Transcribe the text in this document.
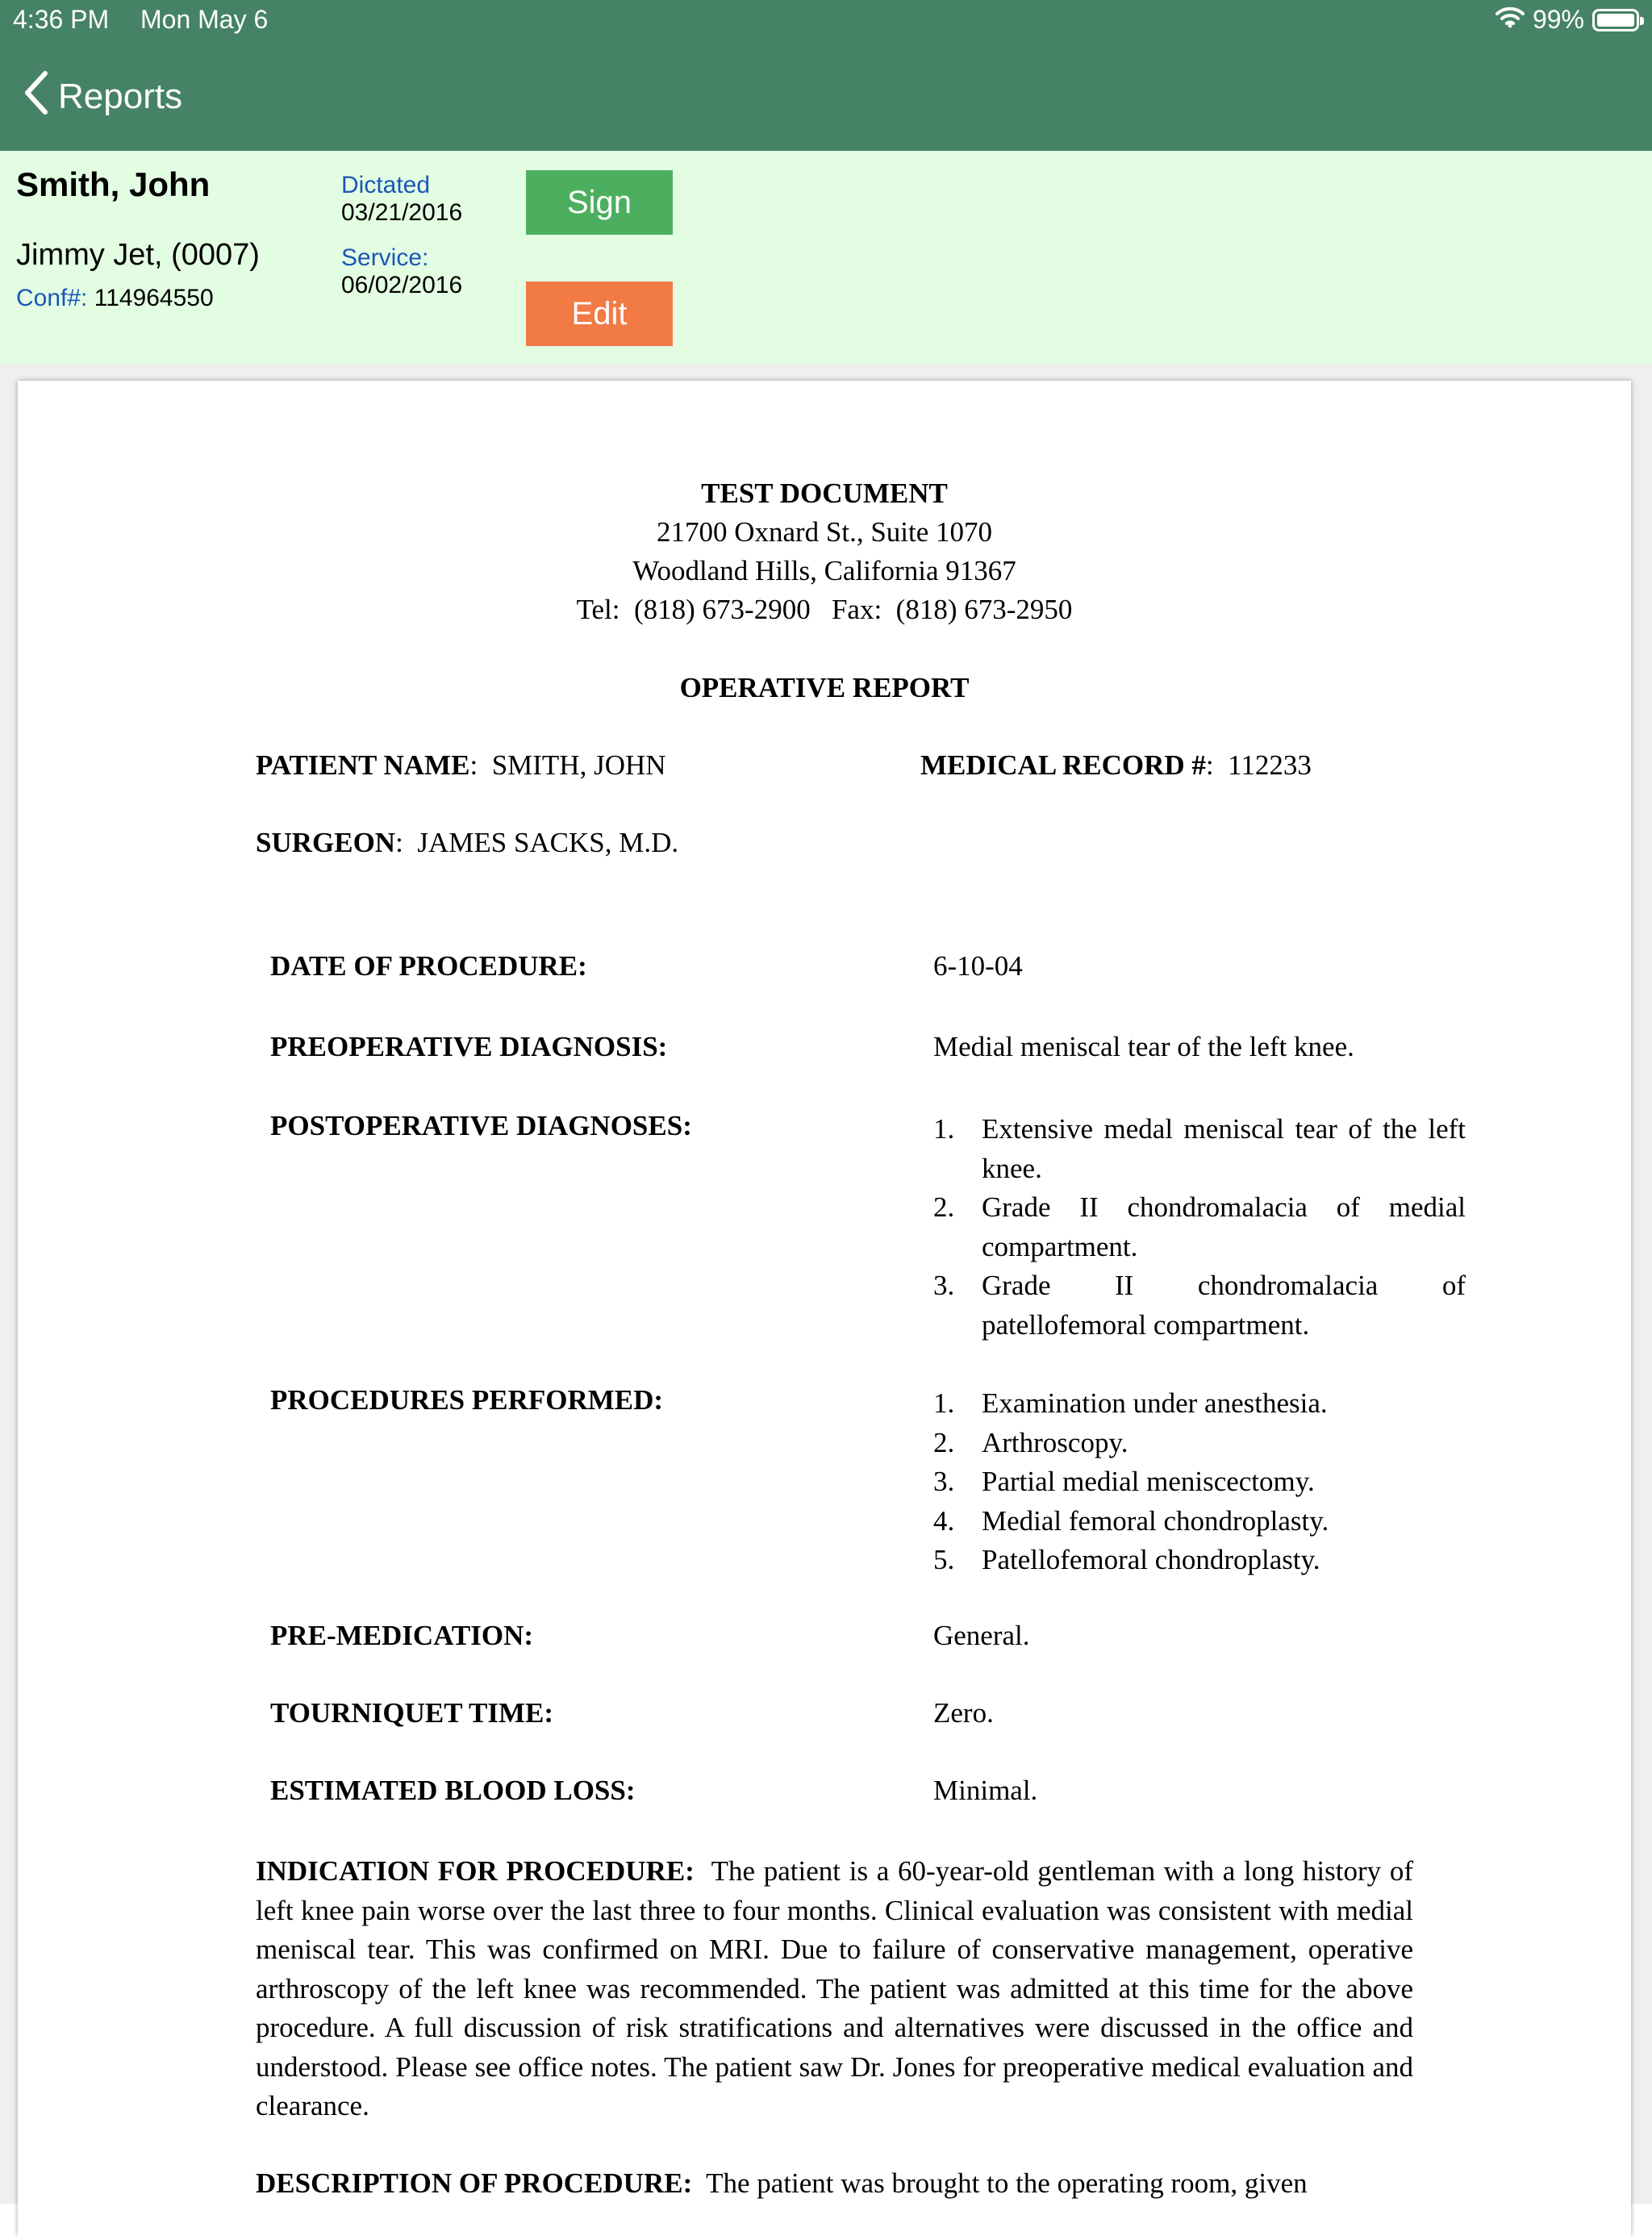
4:36 PM Mon May 6	99%
Reports
Smith, John
Jimmy Jet, (0007)
Conf#: 114964550
Dictated
03/21/2016
Service:
06/02/2016
Sign
Edit
TEST DOCUMENT
21700 Oxnard St., Suite 1070
Woodland Hills, California 91367
Tel:  (818) 673-2900   Fax:  (818) 673-2950
OPERATIVE REPORT
PATIENT NAME:  SMITH, JOHN	MEDICAL RECORD #:  112233
SURGEON:  JAMES SACKS, M.D.
DATE OF PROCEDURE:	6-10-04
PREOPERATIVE DIAGNOSIS:	Medial meniscal tear of the left knee.
POSTOPERATIVE DIAGNOSES:	1. Extensive medal meniscal tear of the left knee.
2. Grade II chondromalacia of medial compartment.
3. Grade II chondromalacia of patellofemoral compartment.
PROCEDURES PERFORMED:	1. Examination under anesthesia.
2. Arthroscopy.
3. Partial medial meniscectomy.
4. Medial femoral chondroplasty.
5. Patellofemoral chondroplasty.
PRE-MEDICATION:	General.
TOURNIQUET TIME:	Zero.
ESTIMATED BLOOD LOSS:	Minimal.
INDICATION FOR PROCEDURE: The patient is a 60-year-old gentleman with a long history of left knee pain worse over the last three to four months. Clinical evaluation was consistent with medial meniscal tear. This was confirmed on MRI. Due to failure of conservative management, operative arthroscopy of the left knee was recommended. The patient was admitted at this time for the above procedure. A full discussion of risk stratifications and alternatives were discussed in the office and understood. Please see office notes. The patient saw Dr. Jones for preoperative medical evaluation and clearance.
DESCRIPTION OF PROCEDURE: The patient was brought to the operating room, given
